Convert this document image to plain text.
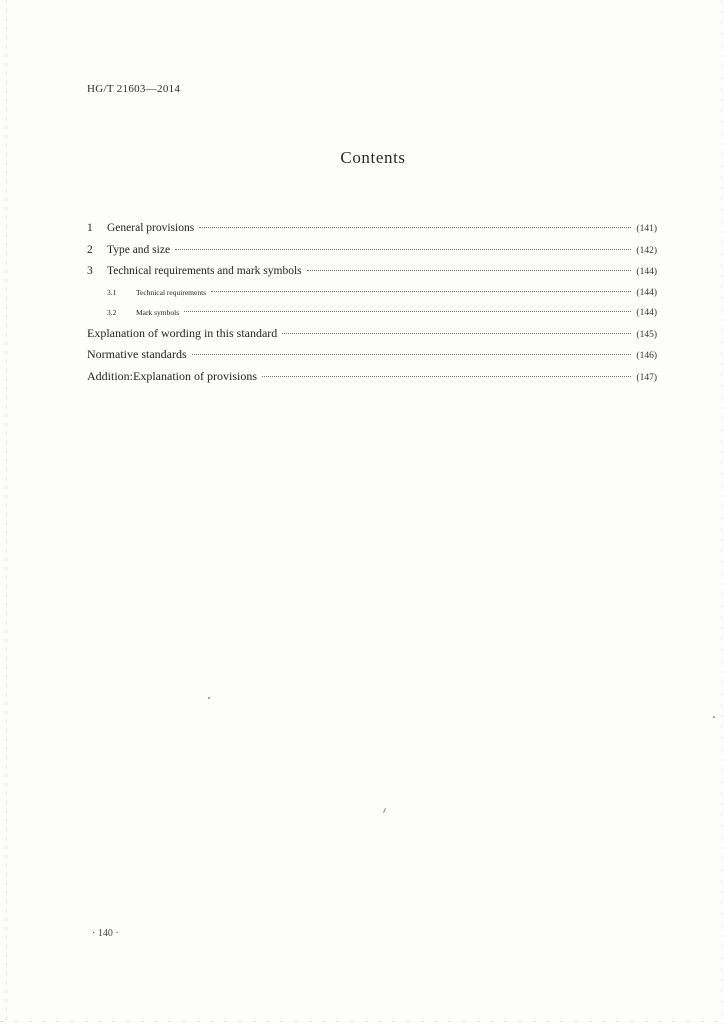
HG/T 21603—2014
Contents
1	General provisions	(141)
2	Type and size	(142)
3	Technical requirements and mark symbols	(144)
3.1	Technical requirements	(144)
3.2	Mark symbols	(144)
Explanation of wording in this standard	(145)
Normative standards	(146)
Addition:Explanation of provisions	(147)
· 140 ·
